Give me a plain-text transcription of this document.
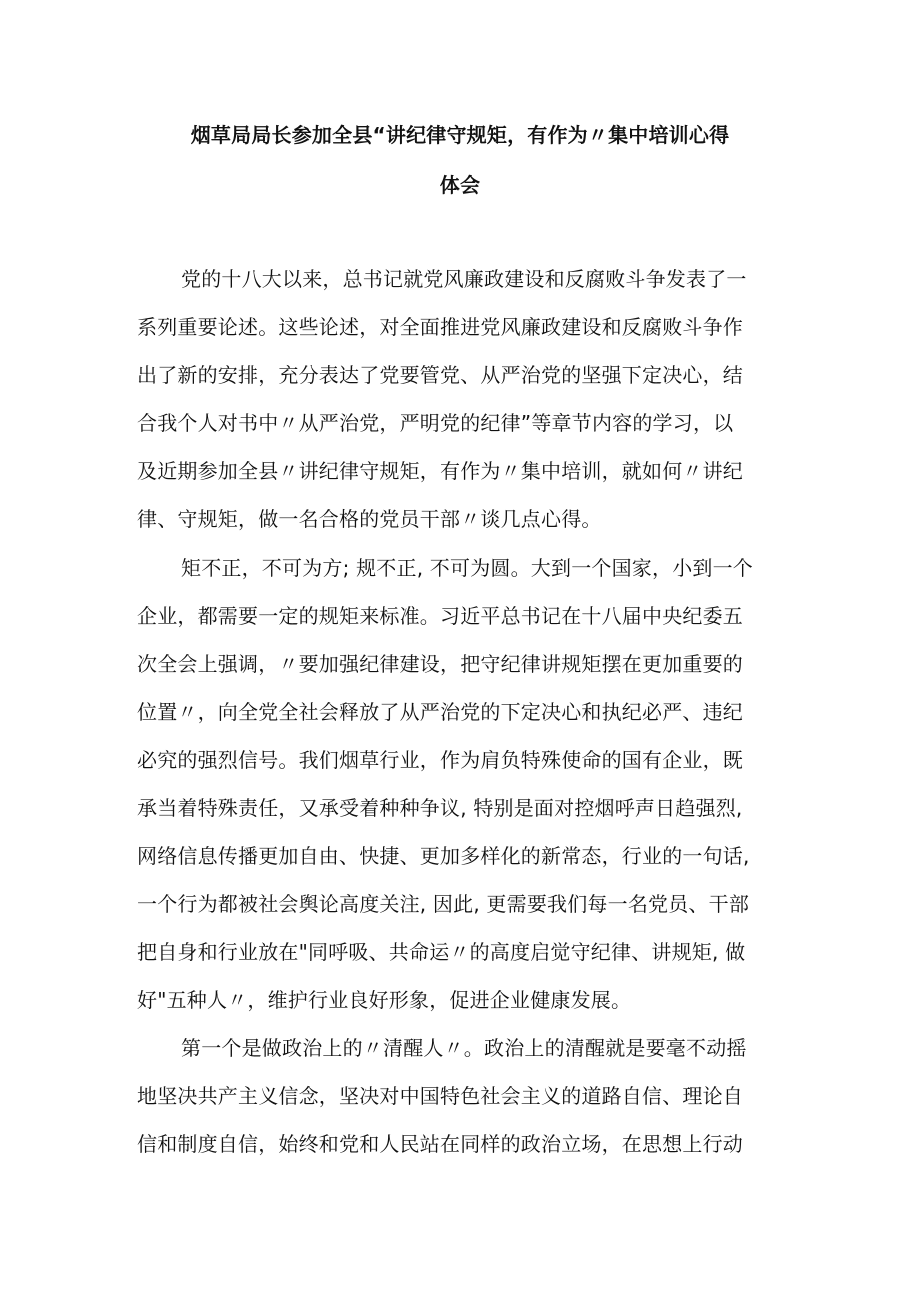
烟草局局长参加全县“讲纪律守规矩，有作为〃集中培训心得
体会
党的十八大以来，总书记就党风廉政建设和反腐败斗争发表了一
系列重要论述。这些论述，对全面推进党风廉政建设和反腐败斗争作
出了新的安排，充分表达了党要管党、从严治党的坚强下定决心，结
合我个人对书中〃从严治党，严明党的纪律”等章节内容的学习，以
及近期参加全县〃讲纪律守规矩，有作为〃集中培训，就如何〃讲纪
律、守规矩，做一名合格的党员干部〃谈几点心得。
矩不正，不可为方; 规不正, 不可为圆。大到一个国家，小到一个
企业，都需要一定的规矩来标准。习近平总书记在十八届中央纪委五
次全会上强调，〃要加强纪律建设，把守纪律讲规矩摆在更加重要的
位置〃，向全党全社会释放了从严治党的下定决心和执纪必严、违纪
必究的强烈信号。我们烟草行业，作为肩负特殊使命的国有企业，既
承当着特殊责任，又承受着种种争议, 特别是面对控烟呼声日趋强烈,
网络信息传播更加自由、快捷、更加多样化的新常态，行业的一句话,
一个行为都被社会舆论高度关注, 因此, 更需要我们每一名党员、干部
把自身和行业放在"同呼吸、共命运〃的高度启觉守纪律、讲规矩, 做
好"五种人〃，维护行业良好形象，促进企业健康发展。
第一个是做政治上的〃清醒人〃。政治上的清醒就是要毫不动摇
地坚决共产主义信念，坚决对中国特色社会主义的道路自信、理论自
信和制度自信，始终和党和人民站在同样的政治立场，在思想上行动
